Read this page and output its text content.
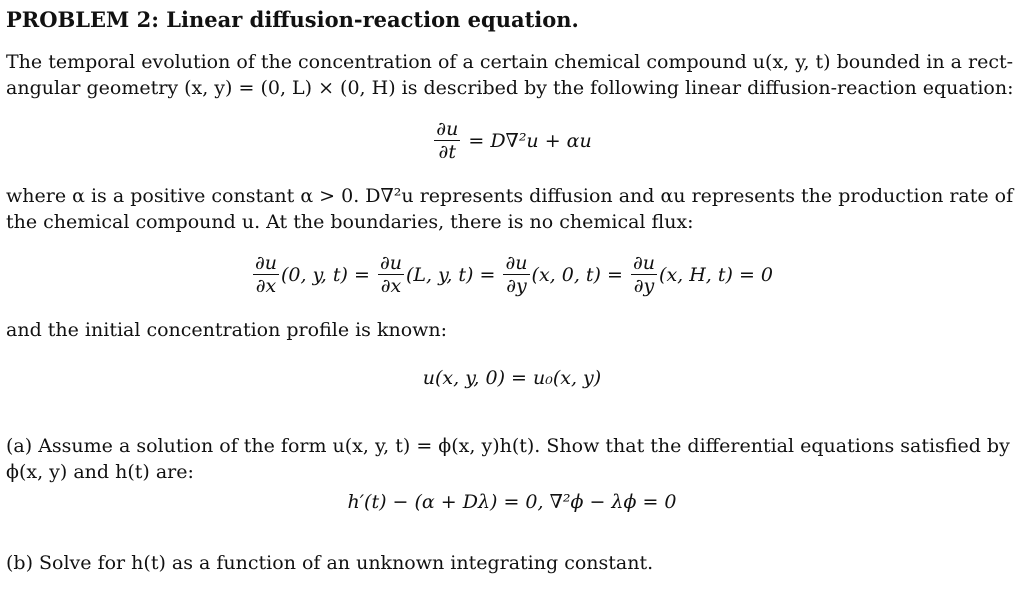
PROBLEM 2: Linear diffusion-reaction equation.
The temporal evolution of the concentration of a certain chemical compound u(x, y, t) bounded in a rect-
angular geometry (x, y) = (0, L) × (0, H) is described by the following linear diffusion-reaction equation:
$\frac{\partial u}{\partial t} = D\nabla^2u + \alpha u$
where α is a positive constant α > 0. D∇²u represents diffusion and αu represents the production rate of
the chemical compound u. At the boundaries, there is no chemical flux:
$\frac{\partial u}{\partial x} (0$, y, $t) = \frac{\partial u}{\partial x} (L$, y, $t) = \frac{\partial u}{\partial y} (x$, 0, $t) = \frac{\partial u}{\partial y} (x$, H, t) = 0
and the initial concentration profile is known:
u(x, y, 0) = u₀(x, y)
(a) Assume a solution of the form u(x, y, t) = ϕ(x, y)h(t). Show that the differential equations satisfied by
ϕ(x, y) and h(t) are:
h′(t) − (α + Dλ) = 0, ∇²ϕ − λϕ = 0
(b) Solve for h(t) as a function of an unknown integrating constant.
